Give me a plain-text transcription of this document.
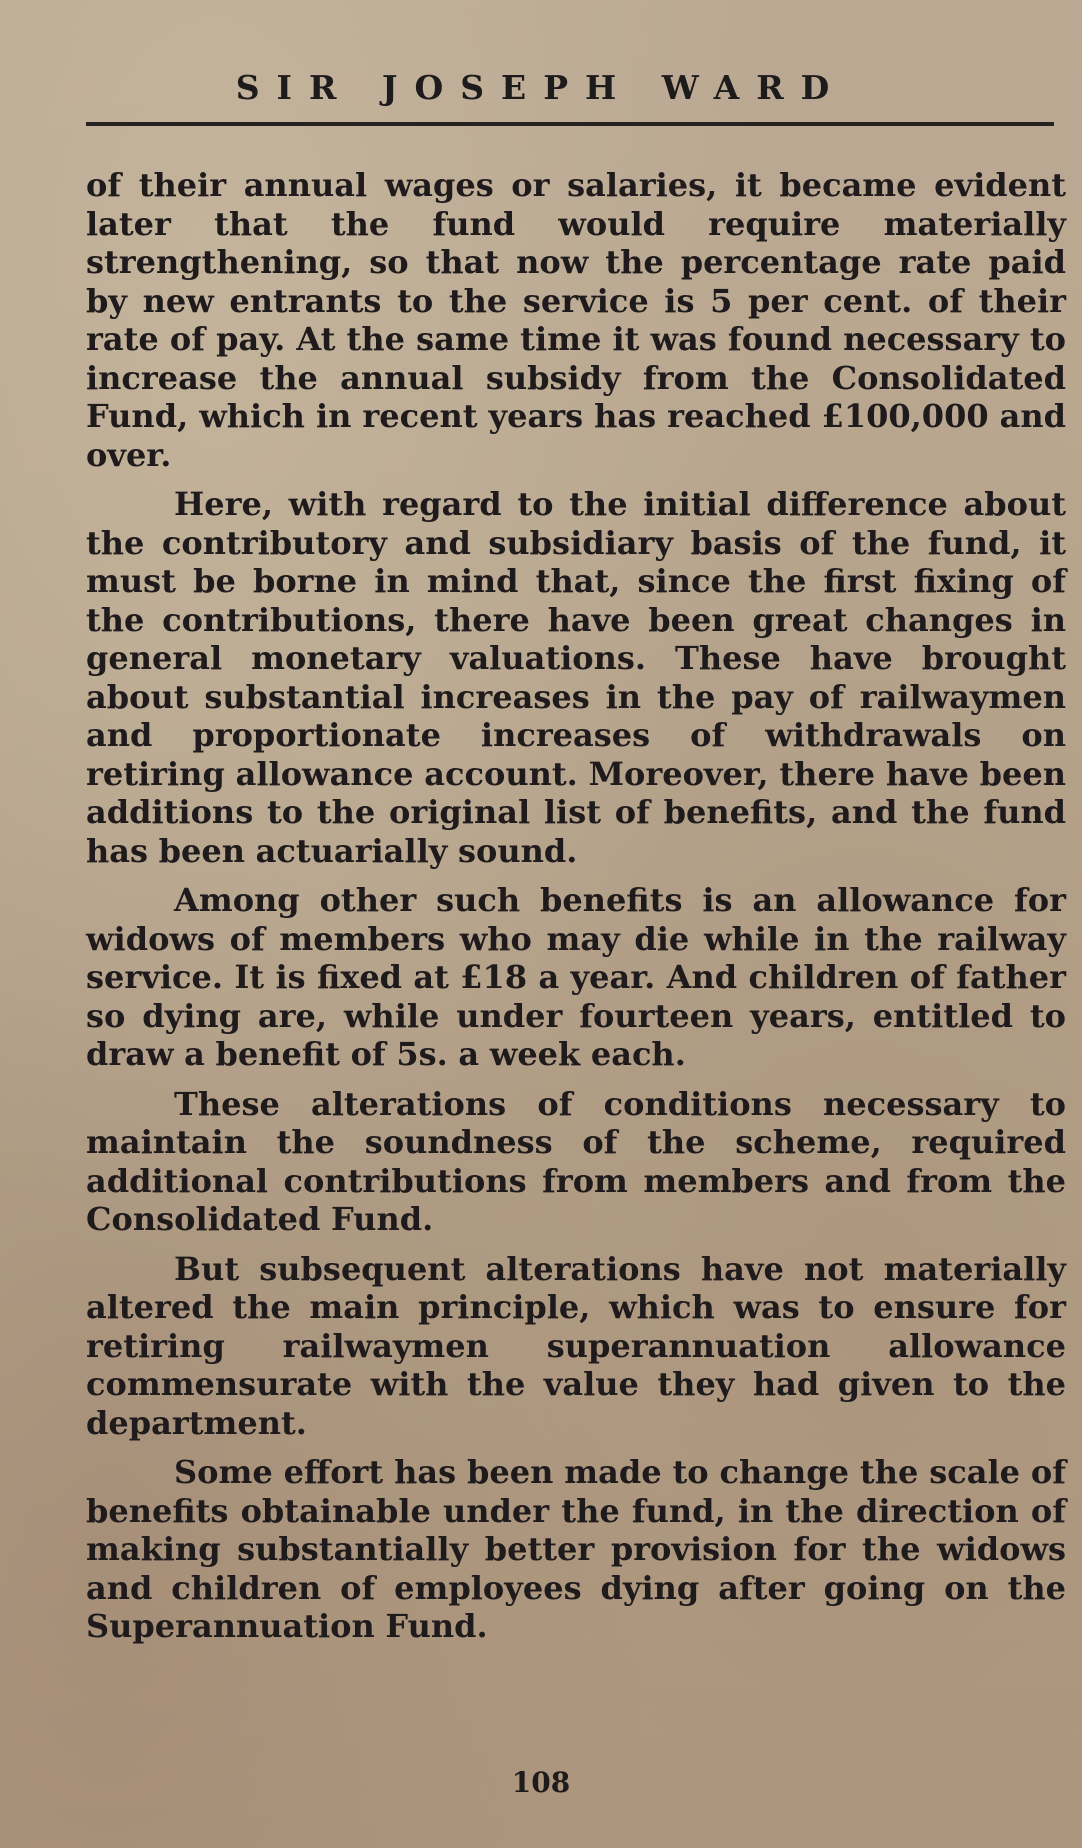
SIR JOSEPH WARD

of their annual wages or salaries, it became evident later that the fund would require materially strengthening, so that now the percentage rate paid by new entrants to the service is 5 per cent. of their rate of pay. At the same time it was found necessary to increase the annual subsidy from the Consolidated Fund, which in recent years has reached £100,000 and over.

Here, with regard to the initial difference about the contributory and subsidiary basis of the fund, it must be borne in mind that, since the first fixing of the contributions, there have been great changes in general monetary valuations. These have brought about substantial increases in the pay of railwaymen and proportionate increases of withdrawals on retiring allowance account. Moreover, there have been additions to the original list of benefits, and the fund has been actuarially sound.

Among other such benefits is an allowance for widows of members who may die while in the railway service. It is fixed at £18 a year. And children of father so dying are, while under fourteen years, entitled to draw a benefit of 5s. a week each.

These alterations of conditions necessary to maintain the soundness of the scheme, required additional contributions from members and from the Consolidated Fund.

But subsequent alterations have not materially altered the main principle, which was to ensure for retiring railwaymen superannuation allowance commensurate with the value they had given to the department.

Some effort has been made to change the scale of benefits obtainable under the fund, in the direction of making substantially better provision for the widows and children of employees dying after going on the Superannuation Fund.

108
